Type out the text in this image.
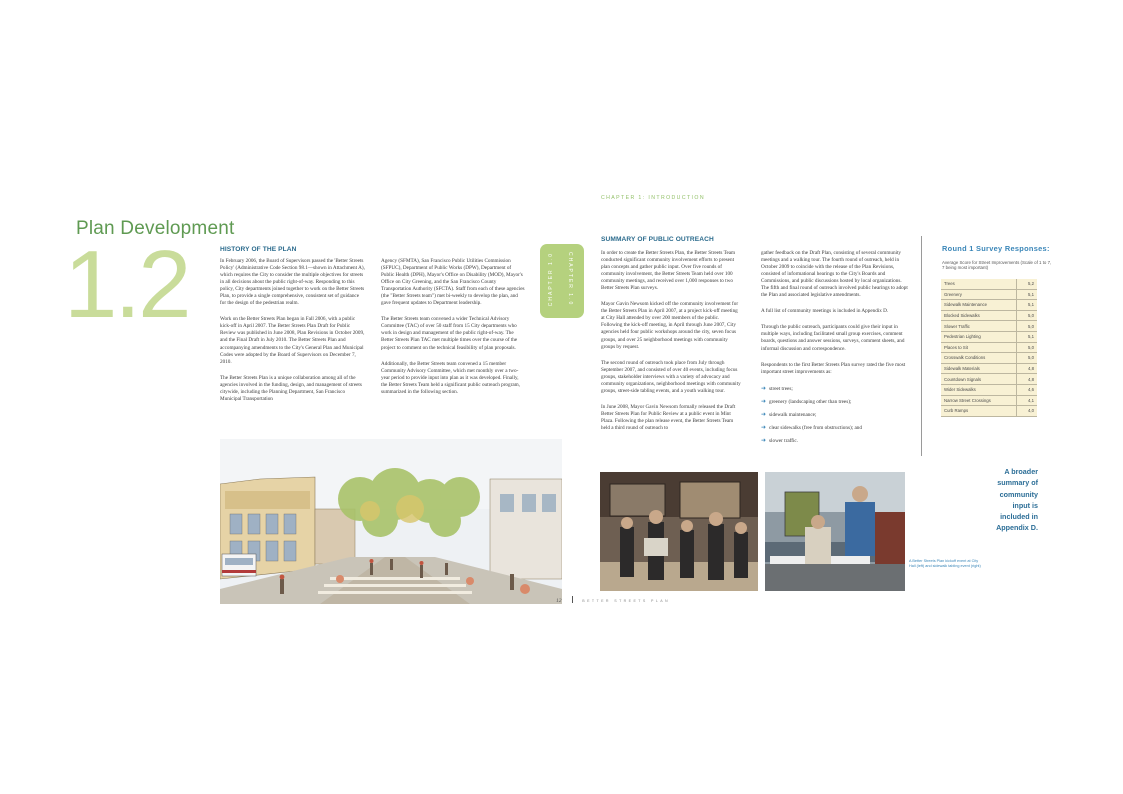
Plan Development
1.2	HISTORY OF THE PLAN

In February 2006, the Board of Supervisors passed the 'Better Streets Policy' (Administrative Code Section 98.1—shown in Attachment A), which requires the City to consider the multiple objectives for streets in all decisions about the public right-of-way. Responding to this policy, City departments joined together to work on the Better Streets Plan, to provide a single comprehensive, consistent set of guidance for the design of the pedestrian realm.

Work on the Better Streets Plan began in Fall 2006, with a public kick-off in April 2007. The Better Streets Plan Draft for Public Review was published in June 2008, Plan Revisions in October 2009, and the Final Draft in July 2010. The Better Streets Plan and accompanying amendments to the City's General Plan and Municipal Codes were adopted by the Board of Supervisors on December 7, 2010.

The Better Streets Plan is a unique collaboration among all of the agencies involved in the funding, design, and management of streets citywide, including the Planning Department, San Francisco Municipal Transportation

Agency (SFMTA), San Francisco Public Utilities Commission (SFPUC), Department of Public Works (DPW), Department of Public Health (DPH), Mayor's Office on Disability (MOD), Mayor's Office on City Greening, and the San Francisco County Transportation Authority (SFCTA). Staff from each of these agencies (the "Better Streets team") met bi-weekly to develop the plan, and gave frequent updates to Department leadership.

The Better Streets team convened a wider Technical Advisory Committee (TAC) of over 50 staff from 15 City departments who work in design and management of the public right-of-way. The Better Streets Plan TAC met multiple times over the course of the project to comment on the technical feasibility of plan proposals.

Additionally, the Better Streets team convened a 15 member Community Advisory Committee, which met monthly over a two-year period to provide input into plan as it was developed. Finally, the Better Streets Team held a significant public outreach program, summarized in the following section.

CHAPTER 1.0	CHAPTER 1.0
CHAPTER 1: INTRODUCTION
SUMMARY OF PUBLIC OUTREACH

In order to create the Better Streets Plan, the Better Streets Team conducted significant community involvement efforts to present plan concepts and gather public input. Over five rounds of community involvement, the Better Streets Team held over 100 community meetings, and received over 1,000 responses to two Better Streets Plan surveys.

Mayor Gavin Newsom kicked off the community involvement for the Better Streets Plan in April 2007, at a project kick-off meeting at City Hall attended by over 200 members of the public. Following the kick-off meeting, in April through June 2007, City agencies held four public workshops around the city, seven focus groups, and over 25 neighborhood meetings with community groups by request.

The second round of outreach took place from July through September 2007, and consisted of over 40 events, including focus groups, stakeholder interviews with a variety of advocacy and community organizations, neighborhood meetings with community groups, street-side tabling events, and a youth walking tour.

In June 2008, Mayor Gavin Newsom formally released the Draft Better Streets Plan for Public Review at a public event in Mint Plaza. Following the plan release event, the Better Streets Team held a third round of outreach to

gather feedback on the Draft Plan, consisting of several community meetings and a walking tour. The fourth round of outreach, held in October 2009 to coincide with the release of the Plan Revisions, consisted of informational hearings to the City's Boards and Commissions, and public discussions hosted by local organizations. The fifth and final round of outreach involved public hearings to adopt the Plan and associated legislative amendments.

A full list of community meetings is included in Appendix D.

Through the public outreach, participants could give their input in multiple ways, including facilitated small group exercises, comment boards, questions and answer sessions, surveys, comment sheets, and informal discussion and correspondence.

Respondents to the first Better Streets Plan survey rated the five most important street improvements as:

➜ street trees;
➜ greenery (landscaping other than trees);
➜ sidewalk maintenance;
➜ clear sidewalks (free from obstructions); and
➜ slower traffic.
Round 1 Survey Responses:
Average Score for Street Improvements (Scale of 1 to 7, 7 being most important)
Trees	5,2
Greenery	5,1
Sidewalk Maintenance	5,1
Blocked Sidewalks	5,0
Slower Traffic	5,0
Pedestrian Lighting	5,1
Places to Sit	5,0
Crosswalk Conditions	5,0
Sidewalk Materials	4,8
Countdown Signals	4,8
Wider Sidewalks	4,6
Narrow Street Crossings	4,1
Curb Ramps	4,0
A Better Streets Plan kickoff event at City Hall (left) and sidewalk tabling event (right)
A broader
summary of
community
input is
included in
Appendix D.
12	BETTER STREETS PLAN
